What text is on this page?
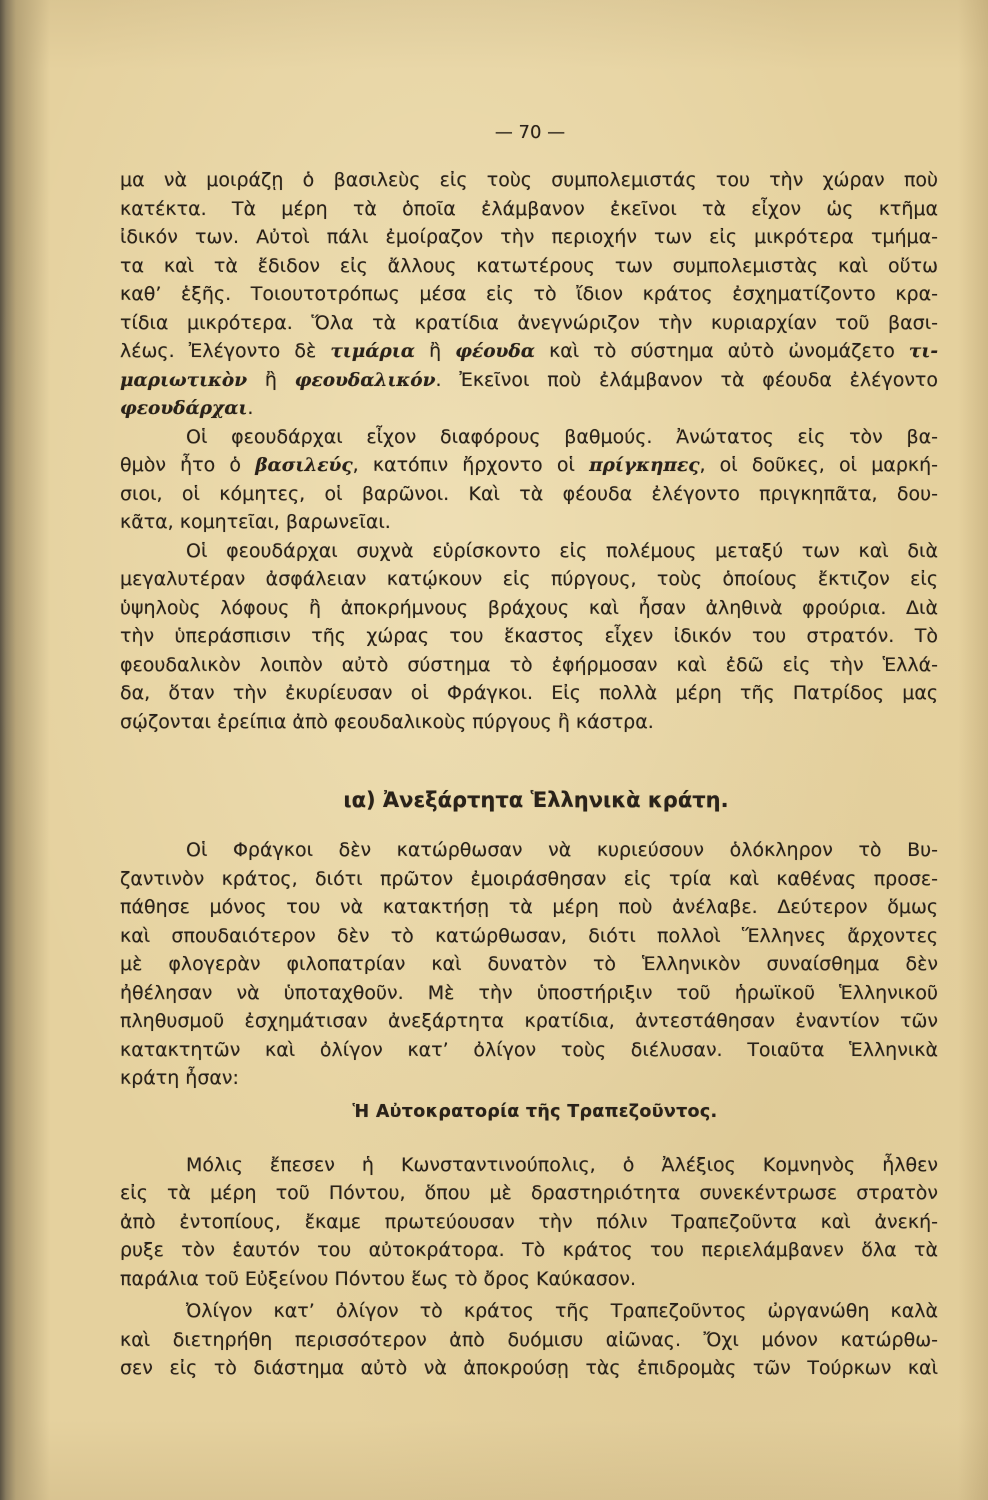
— 70 —
μα νὰ μοιράζῃ ὁ βασιλεὺς εἰς τοὺς συμπολεμιστάς του τὴν χώραν ποὺ
κατέκτα. Τὰ μέρη τὰ ὁποῖα ἐλάμβανον ἐκεῖνοι τὰ εἶχον ὡς κτῆμα
ἰδικόν των. Αὐτοὶ πάλι ἐμοίραζον τὴν περιοχήν των εἰς μικρότερα τμήμα-
τα καὶ τὰ ἔδιδον εἰς ἄλλους κατωτέρους των συμπολεμιστὰς καὶ οὕτω
καθ’ ἑξῆς. Τοιουτοτρόπως μέσα εἰς τὸ ἴδιον κράτος ἐσχηματίζοντο κρα-
τίδια μικρότερα. Ὅλα τὰ κρατίδια ἀνεγνώριζον τὴν κυριαρχίαν τοῦ βασι-
λέως. Ἐλέγοντο δὲ τιμάρια ἢ φέουδα καὶ τὸ σύστημα αὐτὸ ὠνομάζετο τι-
μαριωτικὸν ἢ φεουδαλικόν. Ἐκεῖνοι ποὺ ἐλάμβανον τὰ φέουδα ἐλέγοντο
φεουδάρχαι.
Οἱ φεουδάρχαι εἶχον διαφόρους βαθμούς. Ἀνώτατος εἰς τὸν βα-
θμὸν ἦτο ὁ βασιλεύς, κατόπιν ἤρχοντο οἱ πρίγκηπες, οἱ δοῦκες, οἱ μαρκή-
σιοι, οἱ κόμητες, οἱ βαρῶνοι. Καὶ τὰ φέουδα ἐλέγοντο πριγκηπᾶτα, δου-
κᾶτα, κομητεῖαι, βαρωνεῖαι.
Οἱ φεουδάρχαι συχνὰ εὑρίσκοντο εἰς πολέμους μεταξύ των καὶ διὰ
μεγαλυτέραν ἀσφάλειαν κατῴκουν εἰς πύργους, τοὺς ὁποίους ἔκτιζον εἰς
ὑψηλοὺς λόφους ἢ ἀποκρήμνους βράχους καὶ ἦσαν ἀληθινὰ φρούρια. Διὰ
τὴν ὑπεράσπισιν τῆς χώρας του ἕκαστος εἶχεν ἰδικόν του στρατόν. Τὸ
φεουδαλικὸν λοιπὸν αὐτὸ σύστημα τὸ ἐφήρμοσαν καὶ ἐδῶ εἰς τὴν Ἑλλά-
δα, ὅταν τὴν ἐκυρίευσαν οἱ Φράγκοι. Εἰς πολλὰ μέρη τῆς Πατρίδος μας
σῴζονται ἐρείπια ἀπὸ φεουδαλικοὺς πύργους ἢ κάστρα.
ια) Ἀνεξάρτητα Ἑλληνικὰ κράτη.
Οἱ Φράγκοι δὲν κατώρθωσαν νὰ κυριεύσουν ὁλόκληρον τὸ Βυ-
ζαντινὸν κράτος, διότι πρῶτον ἐμοιράσθησαν εἰς τρία καὶ καθένας προσε-
πάθησε μόνος του νὰ κατακτήσῃ τὰ μέρη ποὺ ἀνέλαβε. Δεύτερον ὅμως
καὶ σπουδαιότερον δὲν τὸ κατώρθωσαν, διότι πολλοὶ Ἕλληνες ἄρχοντες
μὲ φλογερὰν φιλοπατρίαν καὶ δυνατὸν τὸ Ἑλληνικὸν συναίσθημα δὲν
ἠθέλησαν νὰ ὑποταχθοῦν. Μὲ τὴν ὑποστήριξιν τοῦ ἡρωϊκοῦ Ἑλληνικοῦ
πληθυσμοῦ ἐσχημάτισαν ἀνεξάρτητα κρατίδια, ἀντεστάθησαν ἐναντίον τῶν
κατακτητῶν καὶ ὀλίγον κατ’ ὀλίγον τοὺς διέλυσαν. Τοιαῦτα Ἑλληνικὰ
κράτη ἦσαν:
Ἡ Αὐτοκρατορία τῆς Τραπεζοῦντος.
Μόλις ἔπεσεν ἡ Κωνσταντινούπολις, ὁ Ἀλέξιος Κομνηνὸς ἦλθεν
εἰς τὰ μέρη τοῦ Πόντου, ὅπου μὲ δραστηριότητα συνεκέντρωσε στρατὸν
ἀπὸ ἐντοπίους, ἔκαμε πρωτεύουσαν τὴν πόλιν Τραπεζοῦντα καὶ ἀνεκή-
ρυξε τὸν ἑαυτόν του αὐτοκράτορα. Τὸ κράτος του περιελάμβανεν ὅλα τὰ
παράλια τοῦ Εὐξείνου Πόντου ἕως τὸ ὄρος Καύκασον.
Ὀλίγον κατ’ ὀλίγον τὸ κράτος τῆς Τραπεζοῦντος ὠργανώθη καλὰ
καὶ διετηρήθη περισσότερον ἀπὸ δυόμισυ αἰῶνας. Ὄχι μόνον κατώρθω-
σεν εἰς τὸ διάστημα αὐτὸ νὰ ἀποκρούσῃ τὰς ἐπιδρομὰς τῶν Τούρκων καὶ
